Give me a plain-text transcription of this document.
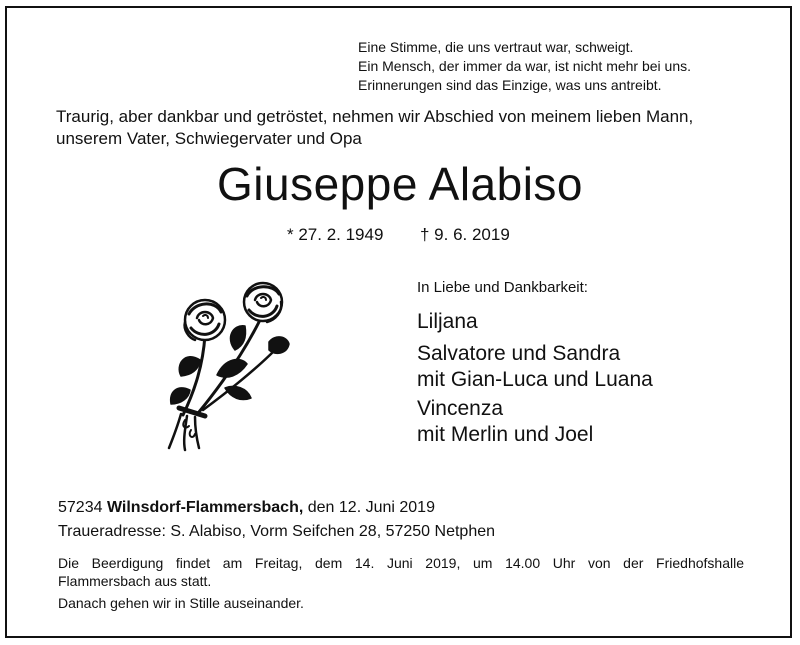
Eine Stimme, die uns vertraut war, schweigt.
Ein Mensch, der immer da war, ist nicht mehr bei uns.
Erinnerungen sind das Einzige, was uns antreibt.
Traurig, aber dankbar und getröstet, nehmen wir Abschied von meinem lieben Mann,
unserem Vater, Schwiegervater und Opa
Giuseppe Alabiso
* 27. 2. 1949 † 9. 6. 2019
In Liebe und Dankbarkeit:
Liljana
Salvatore und Sandra
mit Gian-Luca und Luana
Vincenza
mit Merlin und Joel
57234 Wilnsdorf-Flammersbach, den 12. Juni 2019
Traueradresse: S. Alabiso, Vorm Seifchen 28, 57250 Netphen
Die Beerdigung findet am Freitag, dem 14. Juni 2019, um 14.00 Uhr von der Friedhofshalle
Flammersbach aus statt.
Danach gehen wir in Stille auseinander.
